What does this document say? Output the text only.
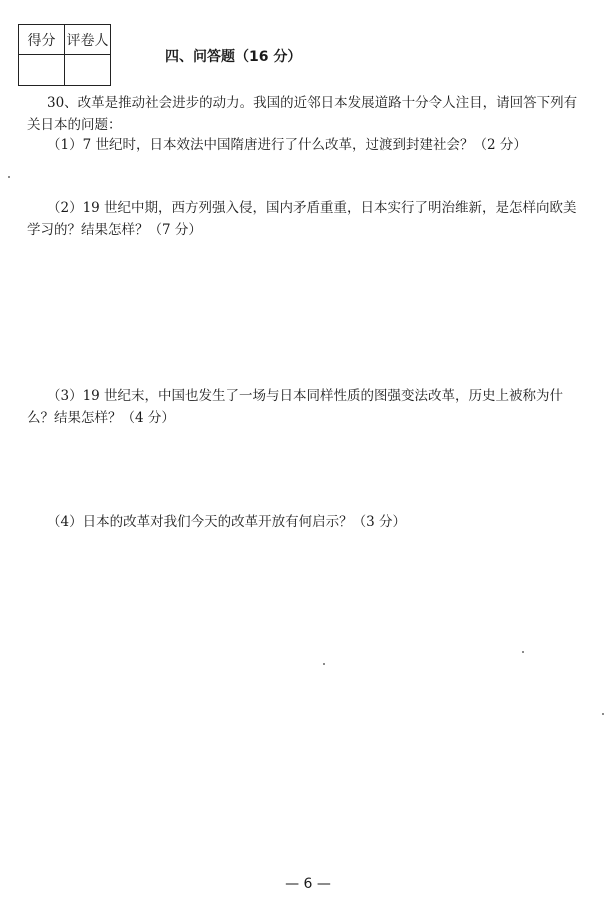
得分	评卷人

四、问答题（16 分）
30、改革是推动社会进步的动力。我国的近邻日本发展道路十分令人注目，请回答下列有关日本的问题：
（1）7 世纪时，日本效法中国隋唐进行了什么改革，过渡到封建社会？（2 分）
（2）19 世纪中期，西方列强入侵，国内矛盾重重，日本实行了明治维新，是怎样向欧美学习的？结果怎样？（7 分）
（3）19 世纪末，中国也发生了一场与日本同样性质的图强变法改革，历史上被称为什么？结果怎样？（4 分）
（4）日本的改革对我们今天的改革开放有何启示？（3 分）
— 6 —
